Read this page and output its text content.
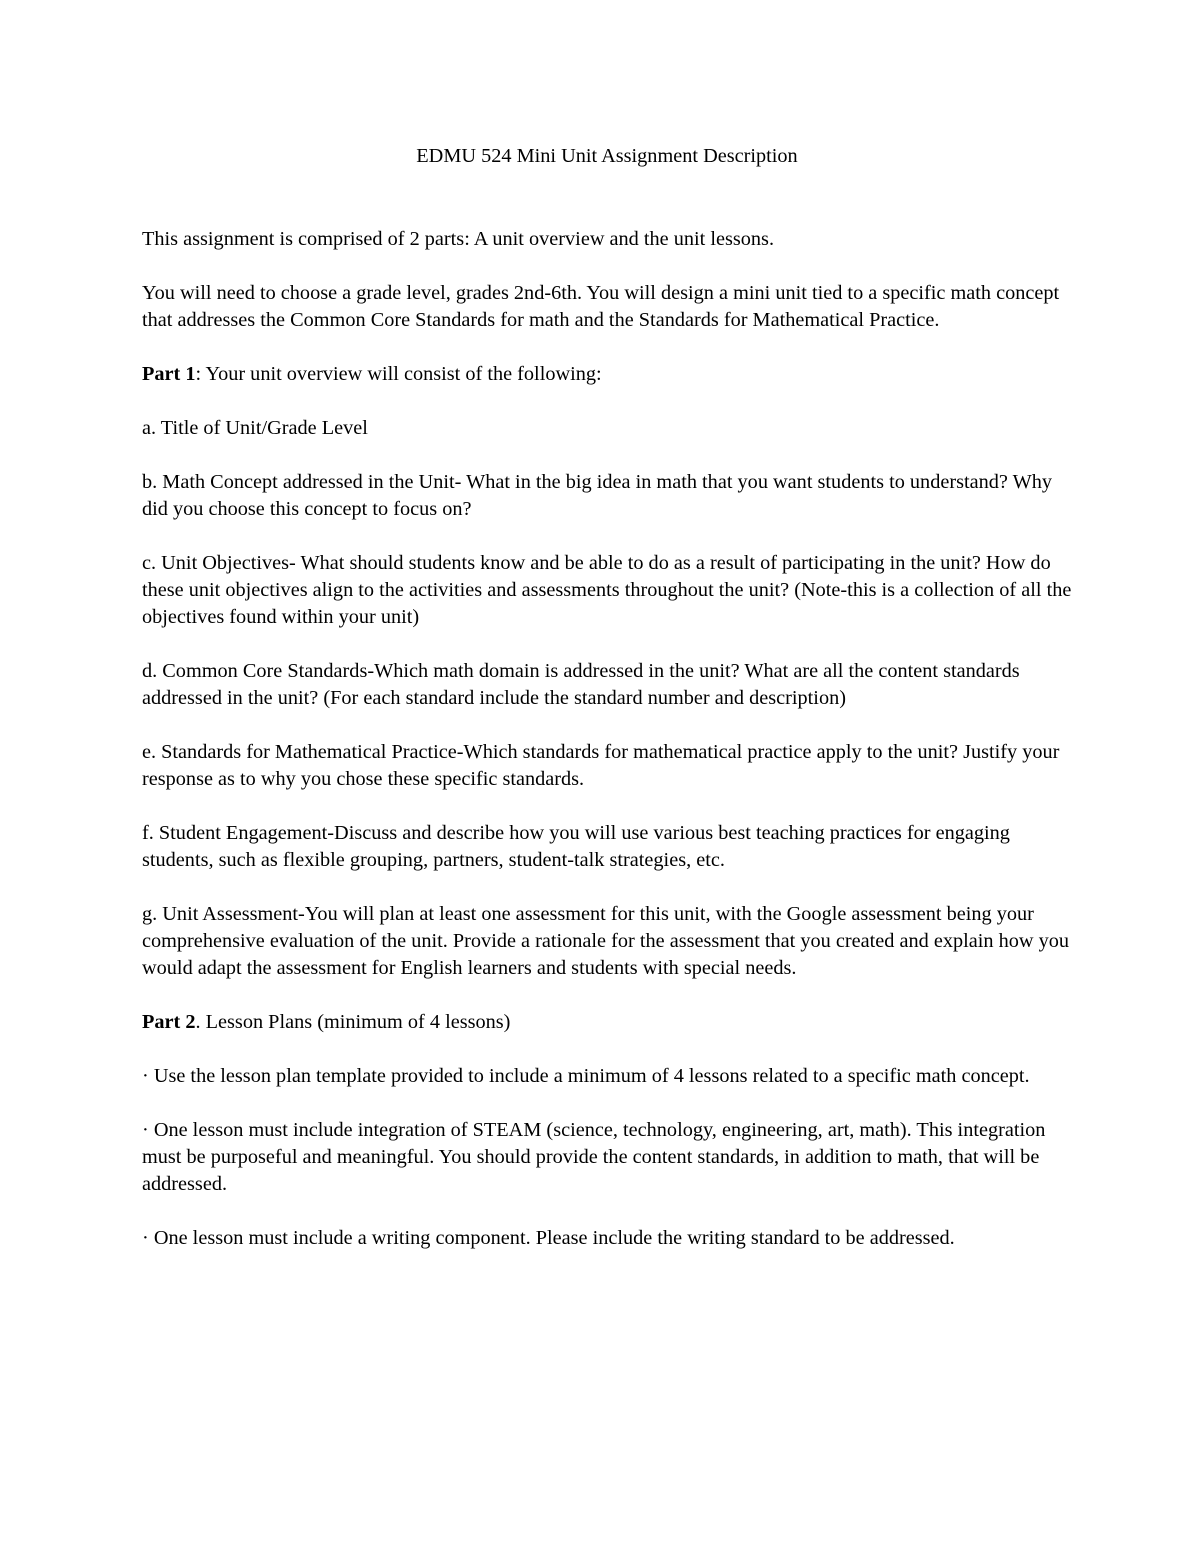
EDMU 524 Mini Unit Assignment Description

This assignment is comprised of 2 parts: A unit overview and the unit lessons.

You will need to choose a grade level, grades 2nd-6th. You will design a mini unit tied to a specific math concept that addresses the Common Core Standards for math and the Standards for Mathematical Practice.

Part 1: Your unit overview will consist of the following:

a. Title of Unit/Grade Level

b. Math Concept addressed in the Unit- What in the big idea in math that you want students to understand? Why did you choose this concept to focus on?

c. Unit Objectives- What should students know and be able to do as a result of participating in the unit? How do these unit objectives align to the activities and assessments throughout the unit? (Note-this is a collection of all the objectives found within your unit)

d. Common Core Standards-Which math domain is addressed in the unit? What are all the content standards addressed in the unit? (For each standard include the standard number and description)

e. Standards for Mathematical Practice-Which standards for mathematical practice apply to the unit? Justify your response as to why you chose these specific standards.

f. Student Engagement-Discuss and describe how you will use various best teaching practices for engaging students, such as flexible grouping, partners, student-talk strategies, etc.

g. Unit Assessment-You will plan at least one assessment for this unit, with the Google assessment being your comprehensive evaluation of the unit. Provide a rationale for the assessment that you created and explain how you would adapt the assessment for English learners and students with special needs.

Part 2. Lesson Plans (minimum of 4 lessons)

· Use the lesson plan template provided to include a minimum of 4 lessons related to a specific math concept.

· One lesson must include integration of STEAM (science, technology, engineering, art, math). This integration must be purposeful and meaningful. You should provide the content standards, in addition to math, that will be addressed.

· One lesson must include a writing component. Please include the writing standard to be addressed.
